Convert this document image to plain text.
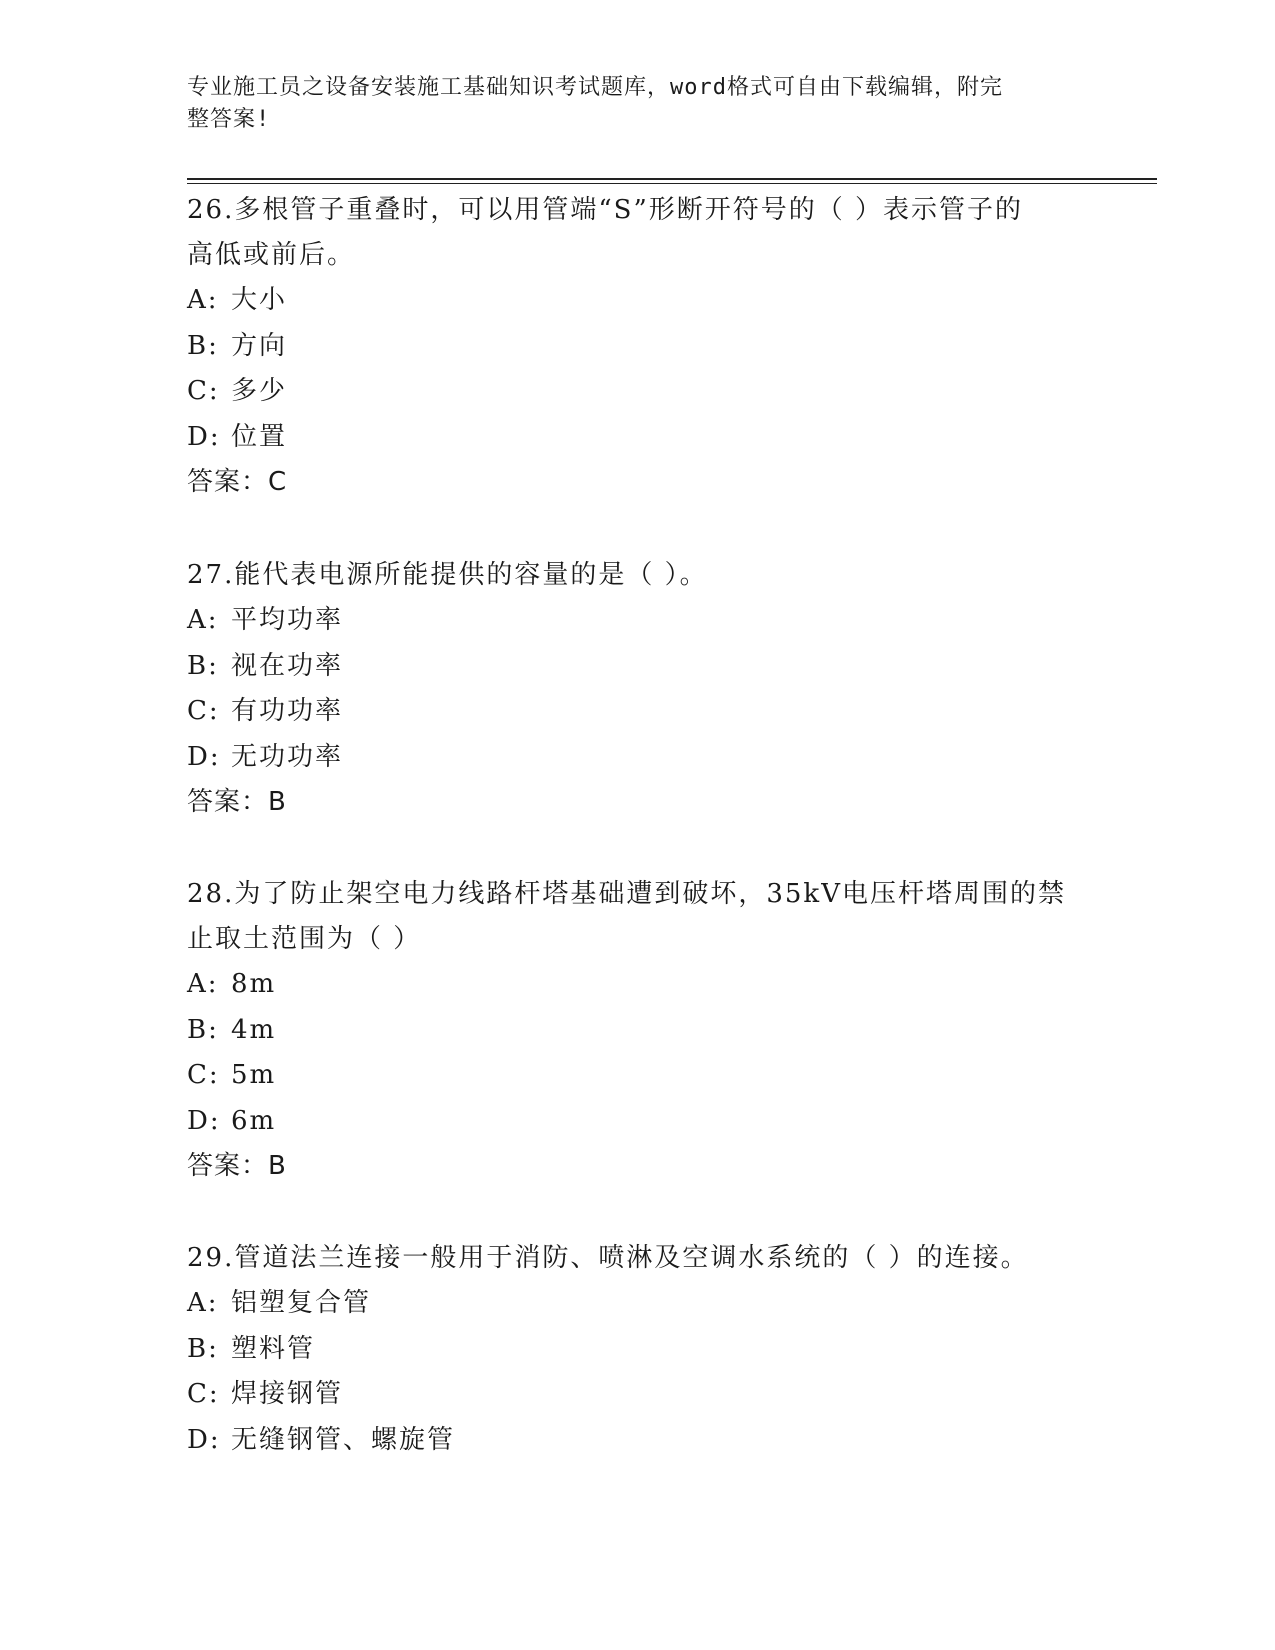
专业施工员之设备安装施工基础知识考试题库，word格式可自由下载编辑，附完
整答案!

26.多根管子重叠时，可以用管端“S”形断开符号的（ ）表示管子的

高低或前后。

A: 大小

B: 方向

C: 多少

D: 位置

答案：C

27.能代表电源所能提供的容量的是（ ）。

A: 平均功率

B: 视在功率

C: 有功功率

D: 无功功率

答案：B

28.为了防止架空电力线路杆塔基础遭到破坏，35kV电压杆塔周围的禁

止取土范围为（ ）

A: 8m

B: 4m

C: 5m

D: 6m

答案：B

29.管道法兰连接一般用于消防、喷淋及空调水系统的（ ）的连接。

A: 铝塑复合管

B: 塑料管

C: 焊接钢管

D: 无缝钢管、螺旋管
